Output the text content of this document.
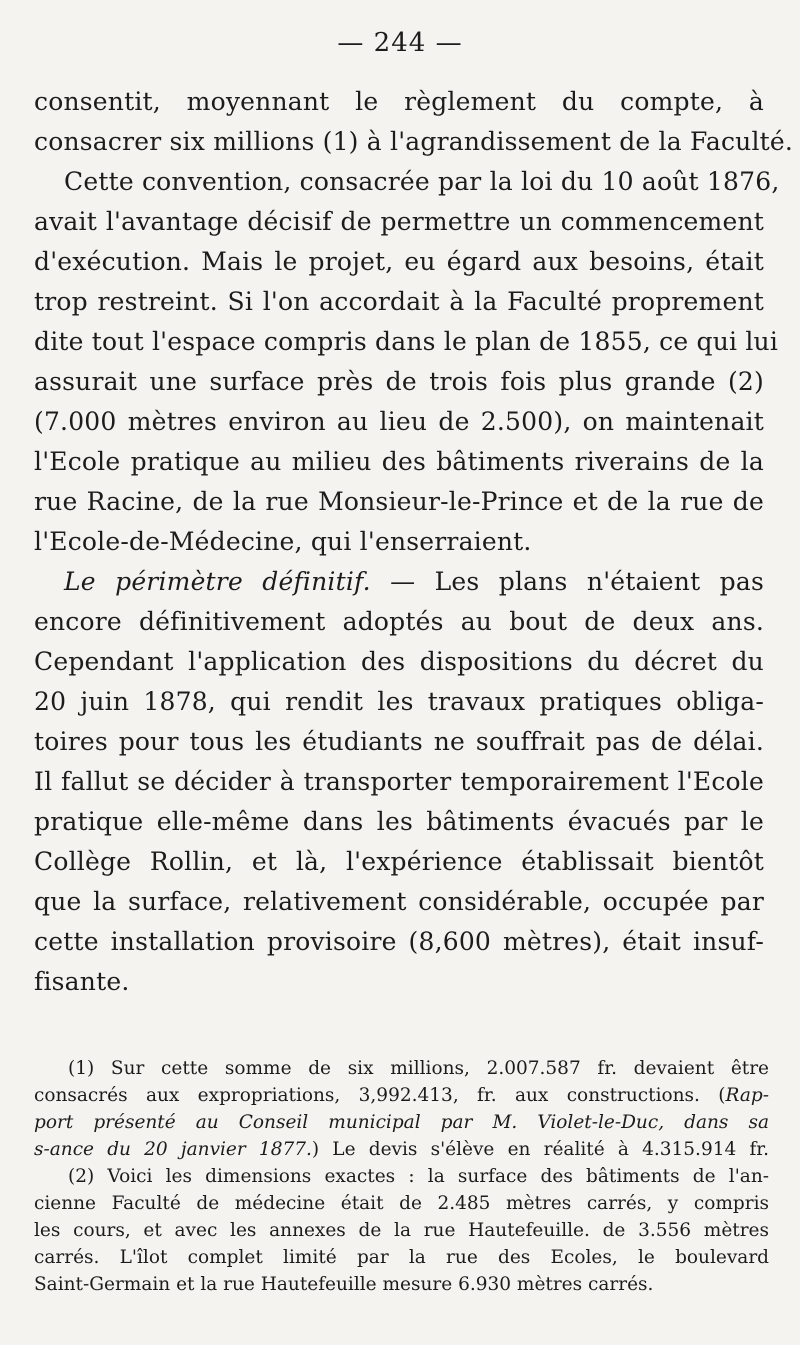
— 244 —
consentit, moyennant le règlement du compte, à
consacrer six millions (1) à l'agrandissement de la Faculté.
Cette convention, consacrée par la loi du 10 août 1876,
avait l'avantage décisif de permettre un commencement
d'exécution. Mais le projet, eu égard aux besoins, était
trop restreint. Si l'on accordait à la Faculté proprement
dite tout l'espace compris dans le plan de 1855, ce qui lui
assurait une surface près de trois fois plus grande (2)
(7.000 mètres environ au lieu de 2.500), on maintenait
l'Ecole pratique au milieu des bâtiments riverains de la
rue Racine, de la rue Monsieur-le-Prince et de la rue de
l'Ecole-de-Médecine, qui l'enserraient.
Le périmètre définitif. — Les plans n'étaient pas
encore définitivement adoptés au bout de deux ans.
Cependant l'application des dispositions du décret du
20 juin 1878, qui rendit les travaux pratiques obliga-
toires pour tous les étudiants ne souffrait pas de délai.
Il fallut se décider à transporter temporairement l'Ecole
pratique elle-même dans les bâtiments évacués par le
Collège Rollin, et là, l'expérience établissait bientôt
que la surface, relativement considérable, occupée par
cette installation provisoire (8,600 mètres), était insuf-
fisante.
(1) Sur cette somme de six millions, 2.007.587 fr. devaient être
consacrés aux expropriations, 3,992.413, fr. aux constructions. (Rap-
port présenté au Conseil municipal par M. Violet-le-Duc, dans sa
s-ance du 20 janvier 1877.) Le devis s'élève en réalité à 4.315.914 fr.
(2) Voici les dimensions exactes : la surface des bâtiments de l'an-
cienne Faculté de médecine était de 2.485 mètres carrés, y compris
les cours, et avec les annexes de la rue Hautefeuille. de 3.556 mètres
carrés. L'îlot complet limité par la rue des Ecoles, le boulevard
Saint-Germain et la rue Hautefeuille mesure 6.930 mètres carrés.
